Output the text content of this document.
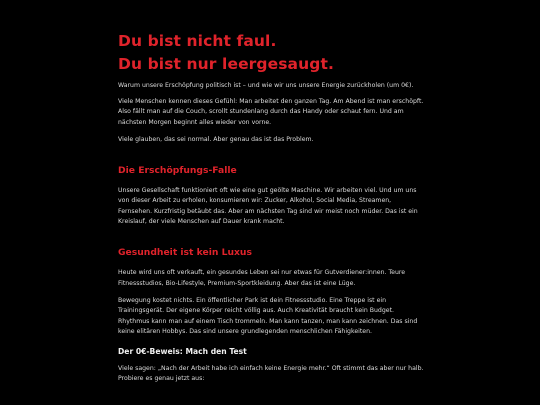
Du bist nicht faul.
Du bist nur leergesaugt.

Warum unsere Erschöpfung politisch ist – und wie wir uns unsere Energie zurückholen (um 0€).

Viele Menschen kennen dieses Gefühl: Man arbeitet den ganzen Tag. Am Abend ist man erschöpft. Also fällt man auf die Couch, scrollt stundenlang durch das Handy oder schaut fern. Und am nächsten Morgen beginnt alles wieder von vorne.

Viele glauben, das sei normal. Aber genau das ist das Problem.

Die Erschöpfungs-Falle

Unsere Gesellschaft funktioniert oft wie eine gut geölte Maschine. Wir arbeiten viel. Und um uns von dieser Arbeit zu erholen, konsumieren wir: Zucker, Alkohol, Social Media, Streamen, Fernsehen. Kurzfristig betäubt das. Aber am nächsten Tag sind wir meist noch müder. Das ist ein Kreislauf, der viele Menschen auf Dauer krank macht.

Gesundheit ist kein Luxus

Heute wird uns oft verkauft, ein gesundes Leben sei nur etwas für Gutverdiener:innen. Teure Fitnessstudios, Bio-Lifestyle, Premium-Sportkleidung. Aber das ist eine Lüge.

Bewegung kostet nichts. Ein öffentlicher Park ist dein Fitnessstudio. Eine Treppe ist ein Trainingsgerät. Der eigene Körper reicht völlig aus. Auch Kreativität braucht kein Budget. Rhythmus kann man auf einem Tisch trommeln. Man kann tanzen, man kann zeichnen. Das sind keine elitären Hobbys. Das sind unsere grundlegenden menschlichen Fähigkeiten.

Der 0€-Beweis: Mach den Test

Viele sagen: „Nach der Arbeit habe ich einfach keine Energie mehr.“ Oft stimmt das aber nur halb. Probiere es genau jetzt aus:
